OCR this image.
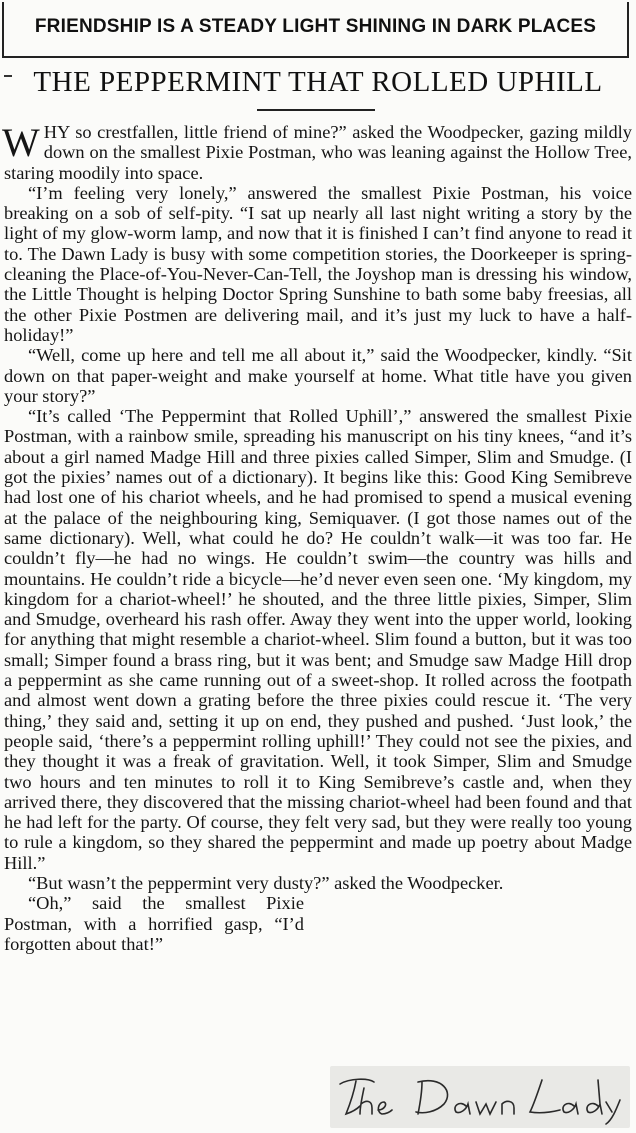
FRIENDSHIP IS A STEADY LIGHT SHINING IN DARK PLACES
THE PEPPERMINT THAT ROLLED UPHILL

WHY so crestfallen, little friend of mine?” asked the Woodpecker, gazing mildly down on the smallest Pixie Postman, who was leaning against the Hollow Tree, staring moodily into space.

“I’m feeling very lonely,” answered the smallest Pixie Postman, his voice breaking on a sob of self-pity. “I sat up nearly all last night writing a story by the light of my glow-worm lamp, and now that it is finished I can’t find anyone to read it to. The Dawn Lady is busy with some competition stories, the Doorkeeper is spring-cleaning the Place-of-You-Never-Can-Tell, the Joyshop man is dressing his window, the Little Thought is helping Doctor Spring Sunshine to bath some baby freesias, all the other Pixie Postmen are delivering mail, and it’s just my luck to have a half-holiday!”

“Well, come up here and tell me all about it,” said the Woodpecker, kindly. “Sit down on that paper-weight and make yourself at home. What title have you given your story?”

“It’s called ‘The Peppermint that Rolled Uphill’,” answered the smallest Pixie Postman, with a rainbow smile, spreading his manuscript on his tiny knees, “and it’s about a girl named Madge Hill and three pixies called Simper, Slim and Smudge. (I got the pixies’ names out of a dictionary). It begins like this: Good King Semibreve had lost one of his chariot wheels, and he had promised to spend a musical evening at the palace of the neighbouring king, Semiquaver. (I got those names out of the same dictionary). Well, what could he do? He couldn’t walk—it was too far. He couldn’t fly—he had no wings. He couldn’t swim—the country was hills and mountains. He couldn’t ride a bicycle—he’d never even seen one. ‘My kingdom, my kingdom for a chariot-wheel!’ he shouted, and the three little pixies, Simper, Slim and Smudge, overheard his rash offer. Away they went into the upper world, looking for anything that might resemble a chariot-wheel. Slim found a button, but it was too small; Simper found a brass ring, but it was bent; and Smudge saw Madge Hill drop a peppermint as she came running out of a sweet-shop. It rolled across the footpath and almost went down a grating before the three pixies could rescue it. ‘The very thing,’ they said and, setting it up on end, they pushed and pushed. ‘Just look,’ the people said, ‘there’s a peppermint rolling uphill!’ They could not see the pixies, and they thought it was a freak of gravitation. Well, it took Simper, Slim and Smudge two hours and ten minutes to roll it to King Semibreve’s castle and, when they arrived there, they discovered that the missing chariot-wheel had been found and that he had left for the party. Of course, they felt very sad, but they were really too young to rule a kingdom, so they shared the peppermint and made up poetry about Madge Hill.”

“But wasn’t the peppermint very dusty?” asked the Woodpecker.

“Oh,” said the smallest Pixie Postman, with a horrified gasp, “I’d forgotten about that!”
